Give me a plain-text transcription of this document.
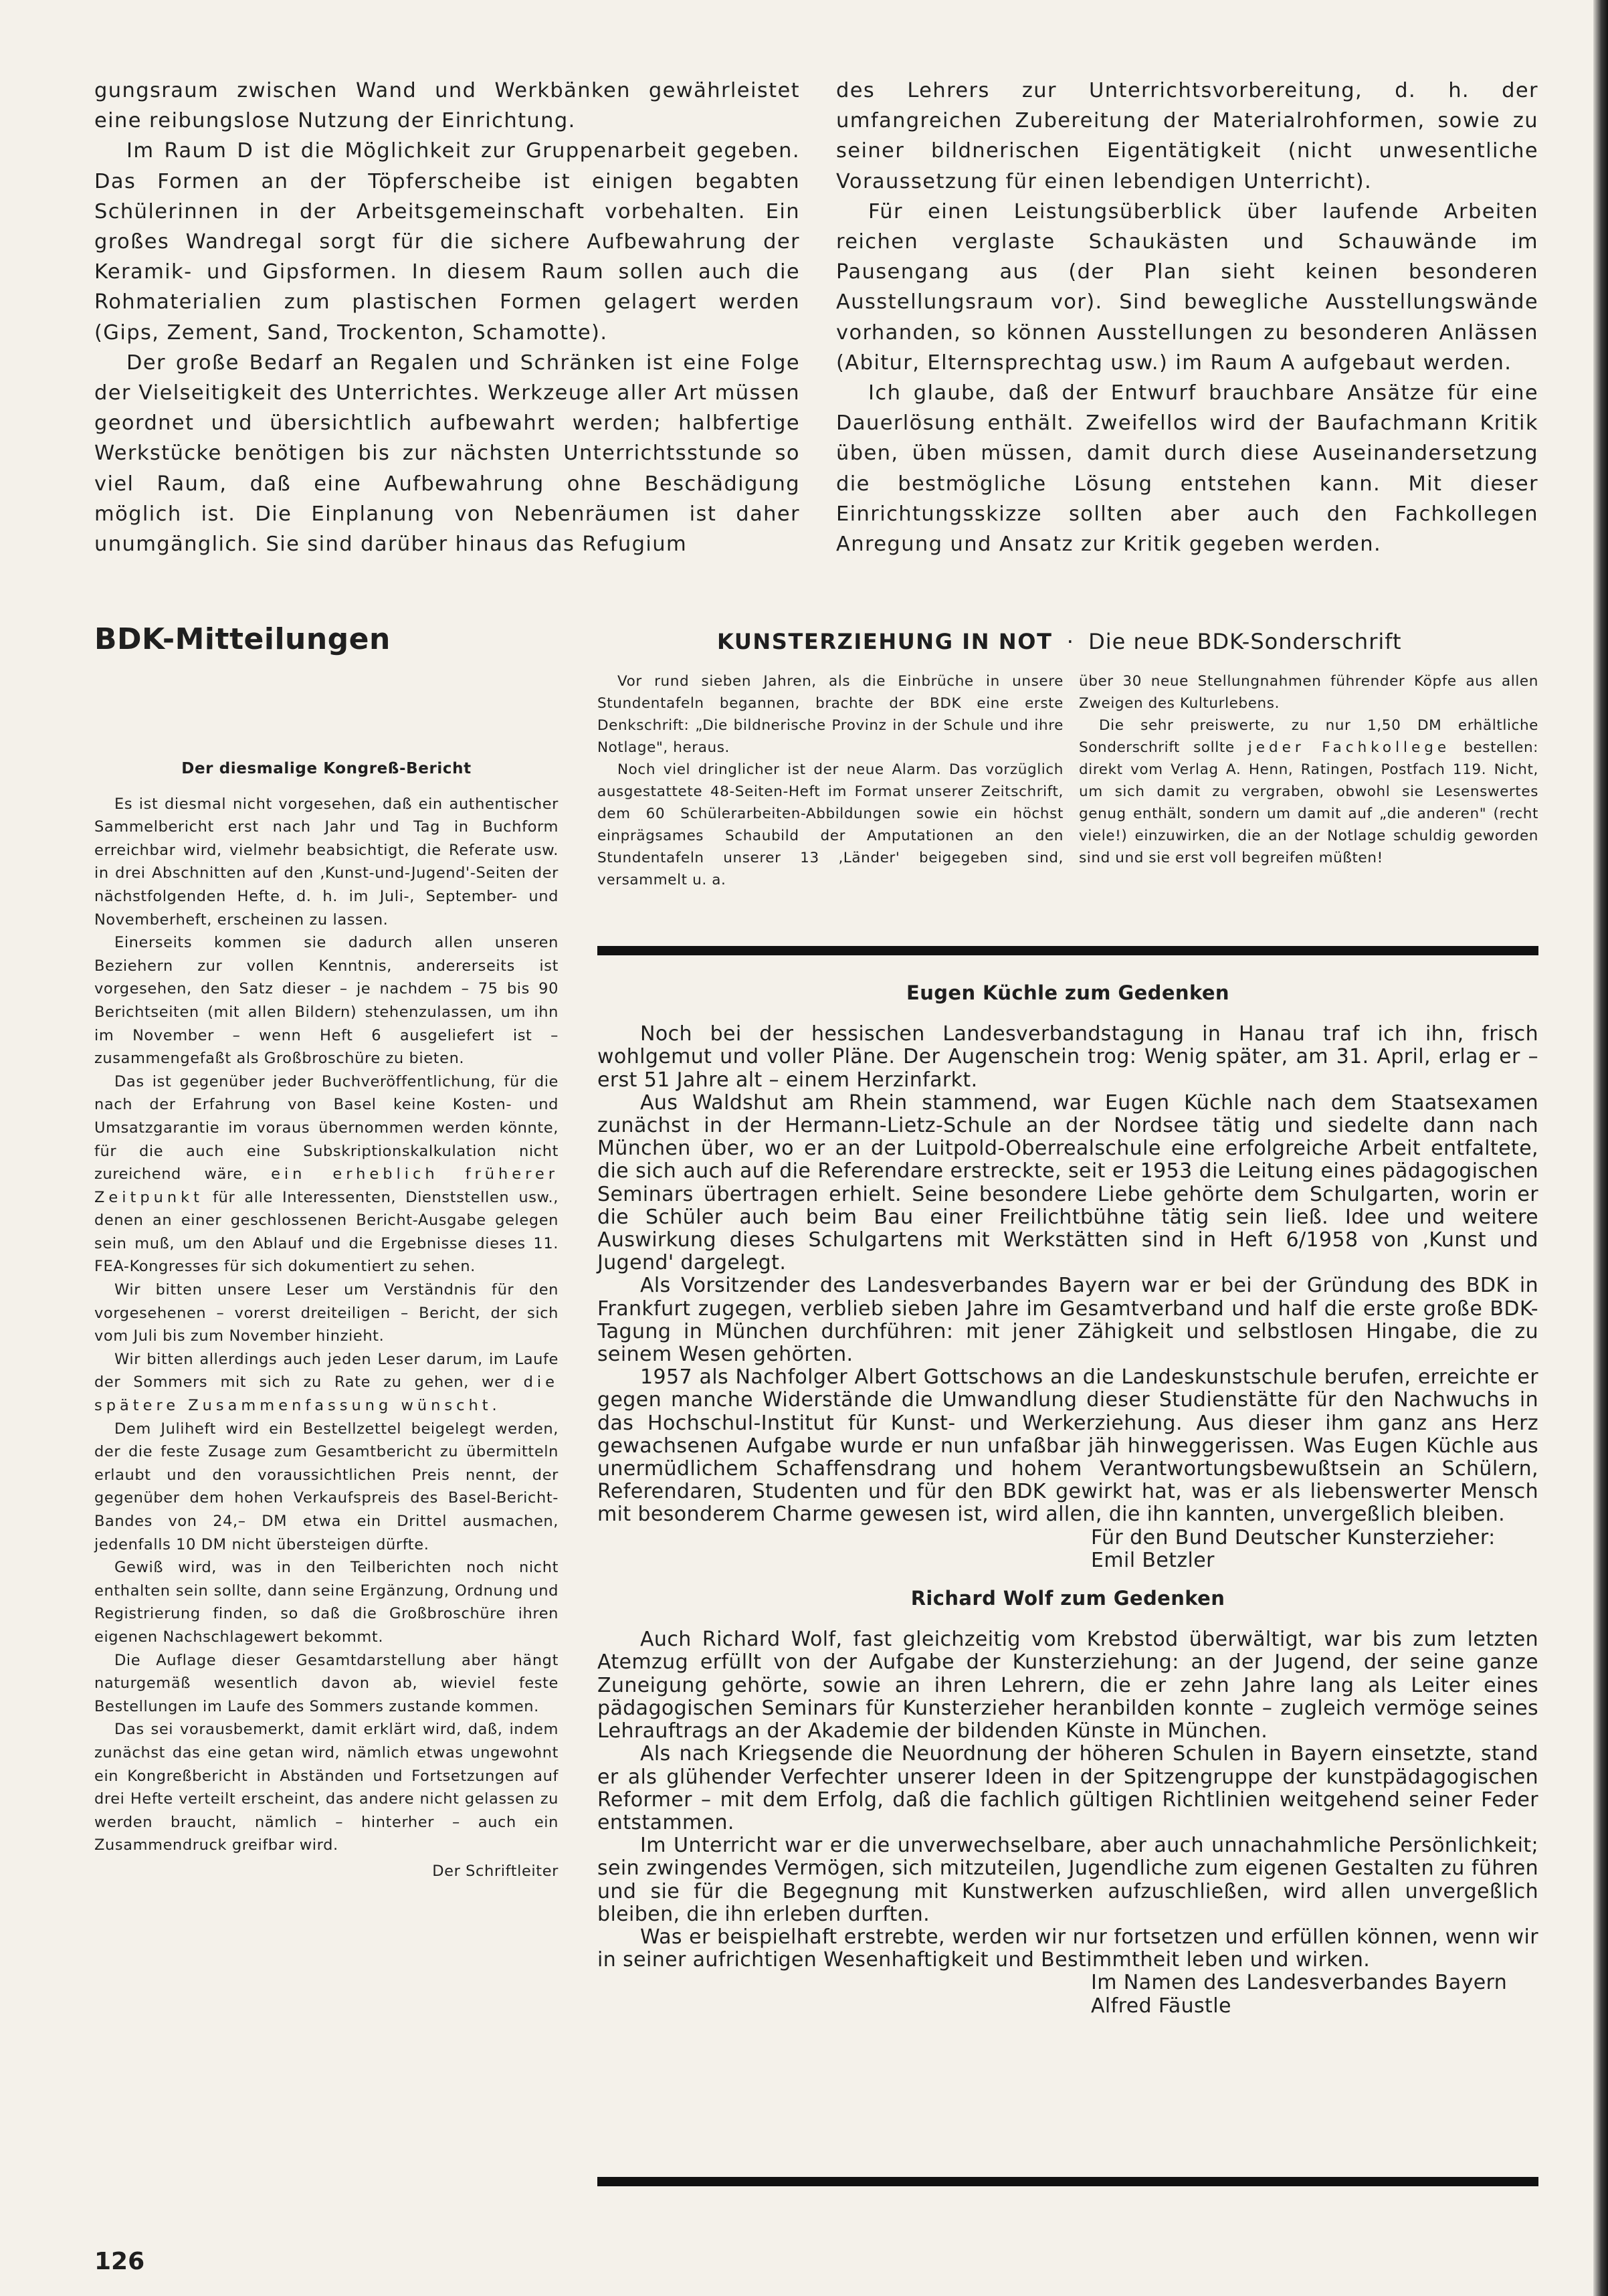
gungsraum zwischen Wand und Werkbänken gewährleistet eine reibungslose Nutzung der Einrichtung.

Im Raum D ist die Möglichkeit zur Gruppenarbeit gegeben. Das Formen an der Töpferscheibe ist einigen begabten Schülerinnen in der Arbeitsgemeinschaft vorbehalten. Ein großes Wandregal sorgt für die sichere Aufbewahrung der Keramik- und Gipsformen. In diesem Raum sollen auch die Rohmaterialien zum plastischen Formen gelagert werden (Gips, Zement, Sand, Trockenton, Schamotte).

Der große Bedarf an Regalen und Schränken ist eine Folge der Vielseitigkeit des Unterrichtes. Werkzeuge aller Art müssen geordnet und übersichtlich aufbewahrt werden; halbfertige Werkstücke benötigen bis zur nächsten Unterrichtsstunde so viel Raum, daß eine Aufbewahrung ohne Beschädigung möglich ist. Die Einplanung von Nebenräumen ist daher unumgänglich. Sie sind darüber hinaus das Refugium

des Lehrers zur Unterrichtsvorbereitung, d. h. der umfangreichen Zubereitung der Materialrohformen, sowie zu seiner bildnerischen Eigentätigkeit (nicht unwesentliche Voraussetzung für einen lebendigen Unterricht).

Für einen Leistungsüberblick über laufende Arbeiten reichen verglaste Schaukästen und Schauwände im Pausengang aus (der Plan sieht keinen besonderen Ausstellungsraum vor). Sind bewegliche Ausstellungswände vorhanden, so können Ausstellungen zu besonderen Anlässen (Abitur, Elternsprechtag usw.) im Raum A aufgebaut werden.

Ich glaube, daß der Entwurf brauchbare Ansätze für eine Dauerlösung enthält. Zweifellos wird der Baufachmann Kritik üben, üben müssen, damit durch diese Auseinandersetzung die bestmögliche Lösung entstehen kann. Mit dieser Einrichtungsskizze sollten aber auch den Fachkollegen Anregung und Ansatz zur Kritik gegeben werden.

BDK-Mitteilungen

Der diesmalige Kongreß-Bericht

Es ist diesmal nicht vorgesehen, daß ein authentischer Sammelbericht erst nach Jahr und Tag in Buchform erreichbar wird, vielmehr beabsichtigt, die Referate usw. in drei Abschnitten auf den ‚Kunst-und-Jugend'-Seiten der nächstfolgenden Hefte, d. h. im Juli-, September- und Novemberheft, erscheinen zu lassen.

Einerseits kommen sie dadurch allen unseren Beziehern zur vollen Kenntnis, andererseits ist vorgesehen, den Satz dieser – je nachdem – 75 bis 90 Berichtseiten (mit allen Bildern) stehenzulassen, um ihn im November – wenn Heft 6 ausgeliefert ist – zusammengefaßt als Großbroschüre zu bieten.

Das ist gegenüber jeder Buchveröffentlichung, für die nach der Erfahrung von Basel keine Kosten- und Umsatzgarantie im voraus übernommen werden könnte, für die auch eine Subskriptionskalkulation nicht zureichend wäre, ein erheblich früherer Zeitpunkt für alle Interessenten, Dienststellen usw., denen an einer geschlossenen Bericht-Ausgabe gelegen sein muß, um den Ablauf und die Ergebnisse dieses 11. FEA-Kongresses für sich dokumentiert zu sehen.

Wir bitten unsere Leser um Verständnis für den vorgesehenen – vorerst dreiteiligen – Bericht, der sich vom Juli bis zum November hinzieht.

Wir bitten allerdings auch jeden Leser darum, im Laufe der Sommers mit sich zu Rate zu gehen, wer die spätere Zusammenfassung wünscht.

Dem Juliheft wird ein Bestellzettel beigelegt werden, der die feste Zusage zum Gesamtbericht zu übermitteln erlaubt und den voraussichtlichen Preis nennt, der gegenüber dem hohen Verkaufspreis des Basel-Bericht-Bandes von 24,– DM etwa ein Drittel ausmachen, jedenfalls 10 DM nicht übersteigen dürfte.

Gewiß wird, was in den Teilberichten noch nicht enthalten sein sollte, dann seine Ergänzung, Ordnung und Registrierung finden, so daß die Großbroschüre ihren eigenen Nachschlagewert bekommt.

Die Auflage dieser Gesamtdarstellung aber hängt naturgemäß wesentlich davon ab, wieviel feste Bestellungen im Laufe des Sommers zustande kommen.

Das sei vorausbemerkt, damit erklärt wird, daß, indem zunächst das eine getan wird, nämlich etwas ungewohnt ein Kongreßbericht in Abständen und Fortsetzungen auf drei Hefte verteilt erscheint, das andere nicht gelassen zu werden braucht, nämlich – hinterher – auch ein Zusammendruck greifbar wird.

Der Schriftleiter

KUNSTERZIEHUNG IN NOT · Die neue BDK-Sonderschrift

Vor rund sieben Jahren, als die Einbrüche in unsere Stundentafeln begannen, brachte der BDK eine erste Denkschrift: „Die bildnerische Provinz in der Schule und ihre Notlage", heraus.

Noch viel dringlicher ist der neue Alarm. Das vorzüglich ausgestattete 48-Seiten-Heft im Format unserer Zeitschrift, dem 60 Schülerarbeiten-Abbildungen sowie ein höchst einprägsames Schaubild der Amputationen an den Stundentafeln unserer 13 ‚Länder' beigegeben sind, versammelt u. a.

über 30 neue Stellungnahmen führender Köpfe aus allen Zweigen des Kulturlebens.

Die sehr preiswerte, zu nur 1,50 DM erhältliche Sonderschrift sollte jeder Fachkollege bestellen: direkt vom Verlag A. Henn, Ratingen, Postfach 119. Nicht, um sich damit zu vergraben, obwohl sie Lesenswertes genug enthält, sondern um damit auf „die anderen" (recht viele!) einzuwirken, die an der Notlage schuldig geworden sind und sie erst voll begreifen müßten!

Eugen Küchle zum Gedenken

Noch bei der hessischen Landesverbandstagung in Hanau traf ich ihn, frisch wohlgemut und voller Pläne. Der Augenschein trog: Wenig später, am 31. April, erlag er – erst 51 Jahre alt – einem Herzinfarkt.

Aus Waldshut am Rhein stammend, war Eugen Küchle nach dem Staatsexamen zunächst in der Hermann-Lietz-Schule an der Nordsee tätig und siedelte dann nach München über, wo er an der Luitpold-Oberrealschule eine erfolgreiche Arbeit entfaltete, die sich auch auf die Referendare erstreckte, seit er 1953 die Leitung eines pädagogischen Seminars übertragen erhielt. Seine besondere Liebe gehörte dem Schulgarten, worin er die Schüler auch beim Bau einer Freilichtbühne tätig sein ließ. Idee und weitere Auswirkung dieses Schulgartens mit Werkstätten sind in Heft 6/1958 von ‚Kunst und Jugend' dargelegt.

Als Vorsitzender des Landesverbandes Bayern war er bei der Gründung des BDK in Frankfurt zugegen, verblieb sieben Jahre im Gesamtverband und half die erste große BDK-Tagung in München durchführen: mit jener Zähigkeit und selbstlosen Hingabe, die zu seinem Wesen gehörten.

1957 als Nachfolger Albert Gottschows an die Landeskunstschule berufen, erreichte er gegen manche Widerstände die Umwandlung dieser Studienstätte für den Nachwuchs in das Hochschul-Institut für Kunst- und Werkerziehung. Aus dieser ihm ganz ans Herz gewachsenen Aufgabe wurde er nun unfaßbar jäh hinweggerissen. Was Eugen Küchle aus unermüdlichem Schaffensdrang und hohem Verantwortungsbewußtsein an Schülern, Referendaren, Studenten und für den BDK gewirkt hat, was er als liebenswerter Mensch mit besonderem Charme gewesen ist, wird allen, die ihn kannten, unvergeßlich bleiben.

Für den Bund Deutscher Kunsterzieher:

Emil Betzler

Richard Wolf zum Gedenken

Auch Richard Wolf, fast gleichzeitig vom Krebstod überwältigt, war bis zum letzten Atemzug erfüllt von der Aufgabe der Kunsterziehung: an der Jugend, der seine ganze Zuneigung gehörte, sowie an ihren Lehrern, die er zehn Jahre lang als Leiter eines pädagogischen Seminars für Kunsterzieher heranbilden konnte – zugleich vermöge seines Lehrauftrags an der Akademie der bildenden Künste in München.

Als nach Kriegsende die Neuordnung der höheren Schulen in Bayern einsetzte, stand er als glühender Verfechter unserer Ideen in der Spitzengruppe der kunstpädagogischen Reformer – mit dem Erfolg, daß die fachlich gültigen Richtlinien weitgehend seiner Feder entstammen.

Im Unterricht war er die unverwechselbare, aber auch unnachahmliche Persönlichkeit; sein zwingendes Vermögen, sich mitzuteilen, Jugendliche zum eigenen Gestalten zu führen und sie für die Begegnung mit Kunstwerken aufzuschließen, wird allen unvergeßlich bleiben, die ihn erleben durften.

Was er beispielhaft erstrebte, werden wir nur fortsetzen und erfüllen können, wenn wir in seiner aufrichtigen Wesenhaftigkeit und Bestimmtheit leben und wirken.

Im Namen des Landesverbandes Bayern

Alfred Fäustle

126
